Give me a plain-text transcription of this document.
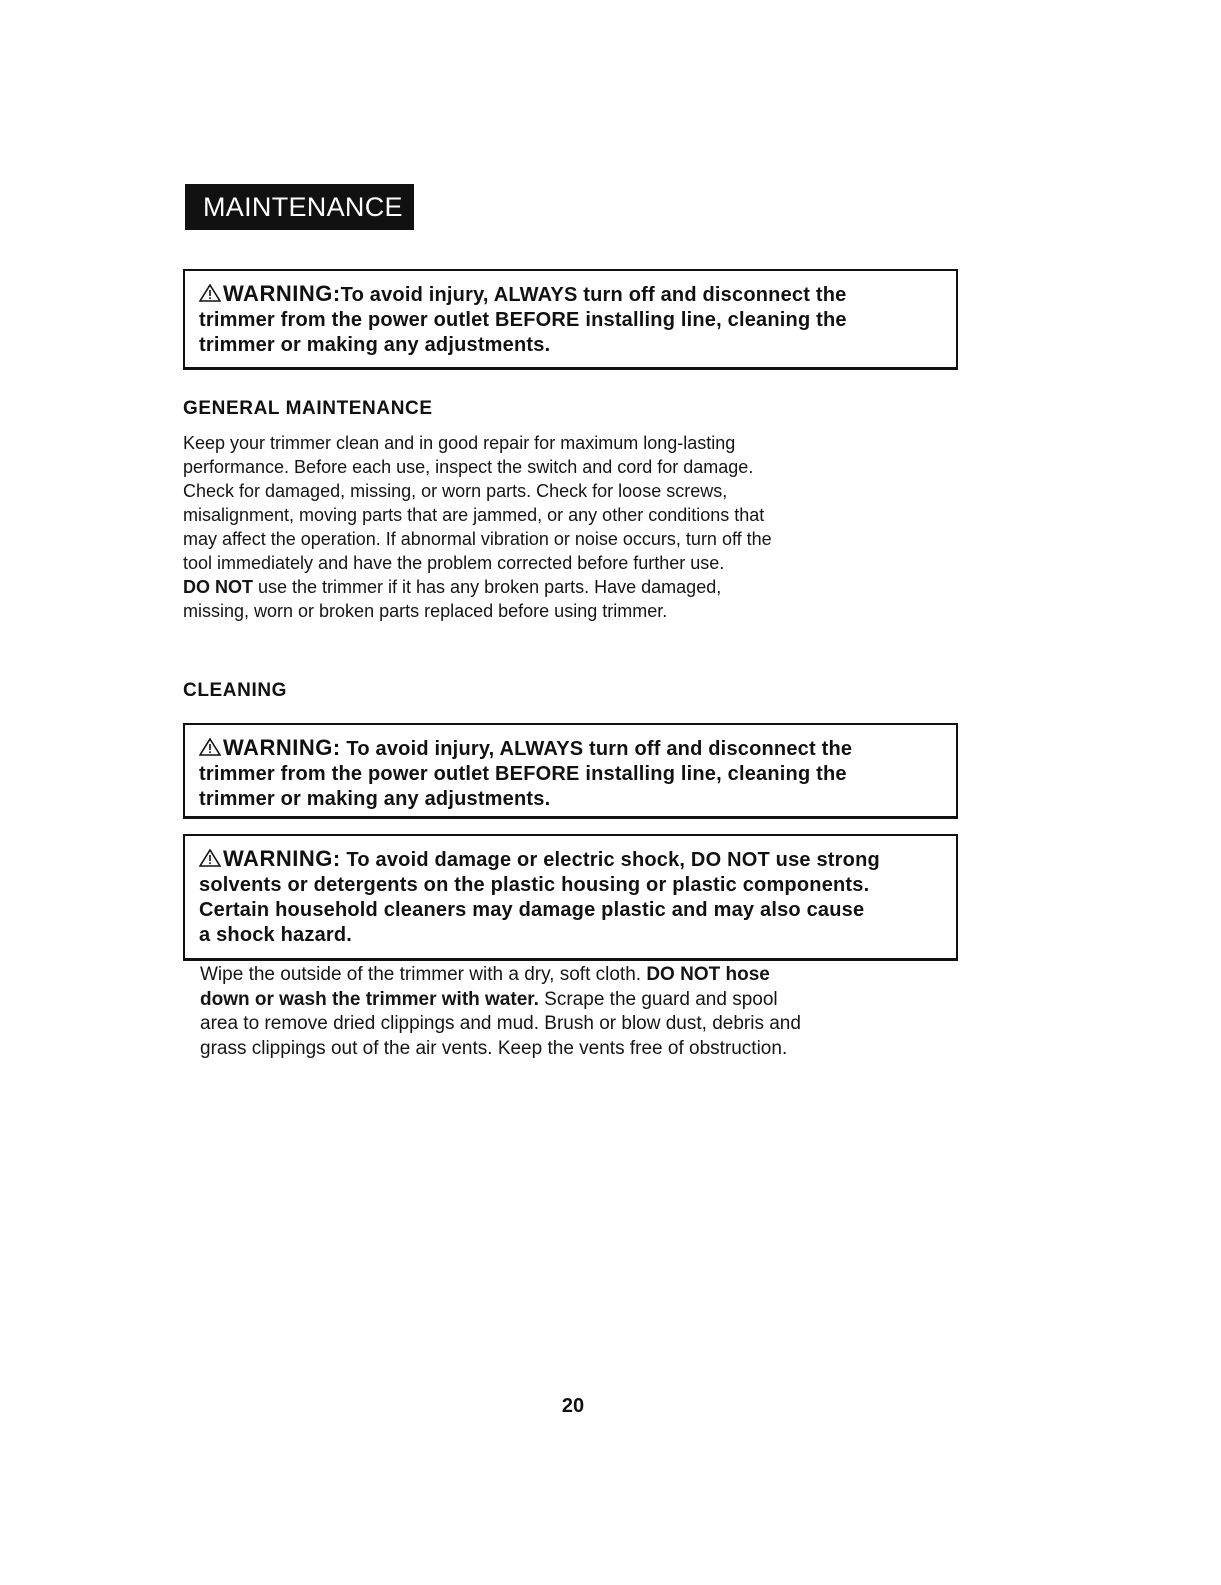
MAINTENANCE
WARNING:To avoid injury, ALWAYS turn off and disconnect the
trimmer from the power outlet BEFORE installing line, cleaning the
trimmer or making any adjustments.
GENERAL MAINTENANCE
Keep your trimmer clean and in good repair for maximum long-lasting
performance. Before each use, inspect the switch and cord for damage.
Check for damaged, missing, or worn parts. Check for loose screws,
misalignment, moving parts that are jammed, or any other conditions that
may affect the operation. If abnormal vibration or noise occurs, turn off the
tool immediately and have the problem corrected before further use.
DO NOT use the trimmer if it has any broken parts. Have damaged,
missing, worn or broken parts replaced before using trimmer.
CLEANING
WARNING: To avoid injury, ALWAYS turn off and disconnect the
trimmer from the power outlet BEFORE installing line, cleaning the
trimmer or making any adjustments.
WARNING: To avoid damage or electric shock, DO NOT use strong
solvents or detergents on the plastic housing or plastic components.
Certain household cleaners may damage plastic and may also cause
a shock hazard.
Wipe the outside of the trimmer with a dry, soft cloth. DO NOT hose
down or wash the trimmer with water. Scrape the guard and spool
area to remove dried clippings and mud. Brush or blow dust, debris and
grass clippings out of the air vents. Keep the vents free of obstruction.
20
